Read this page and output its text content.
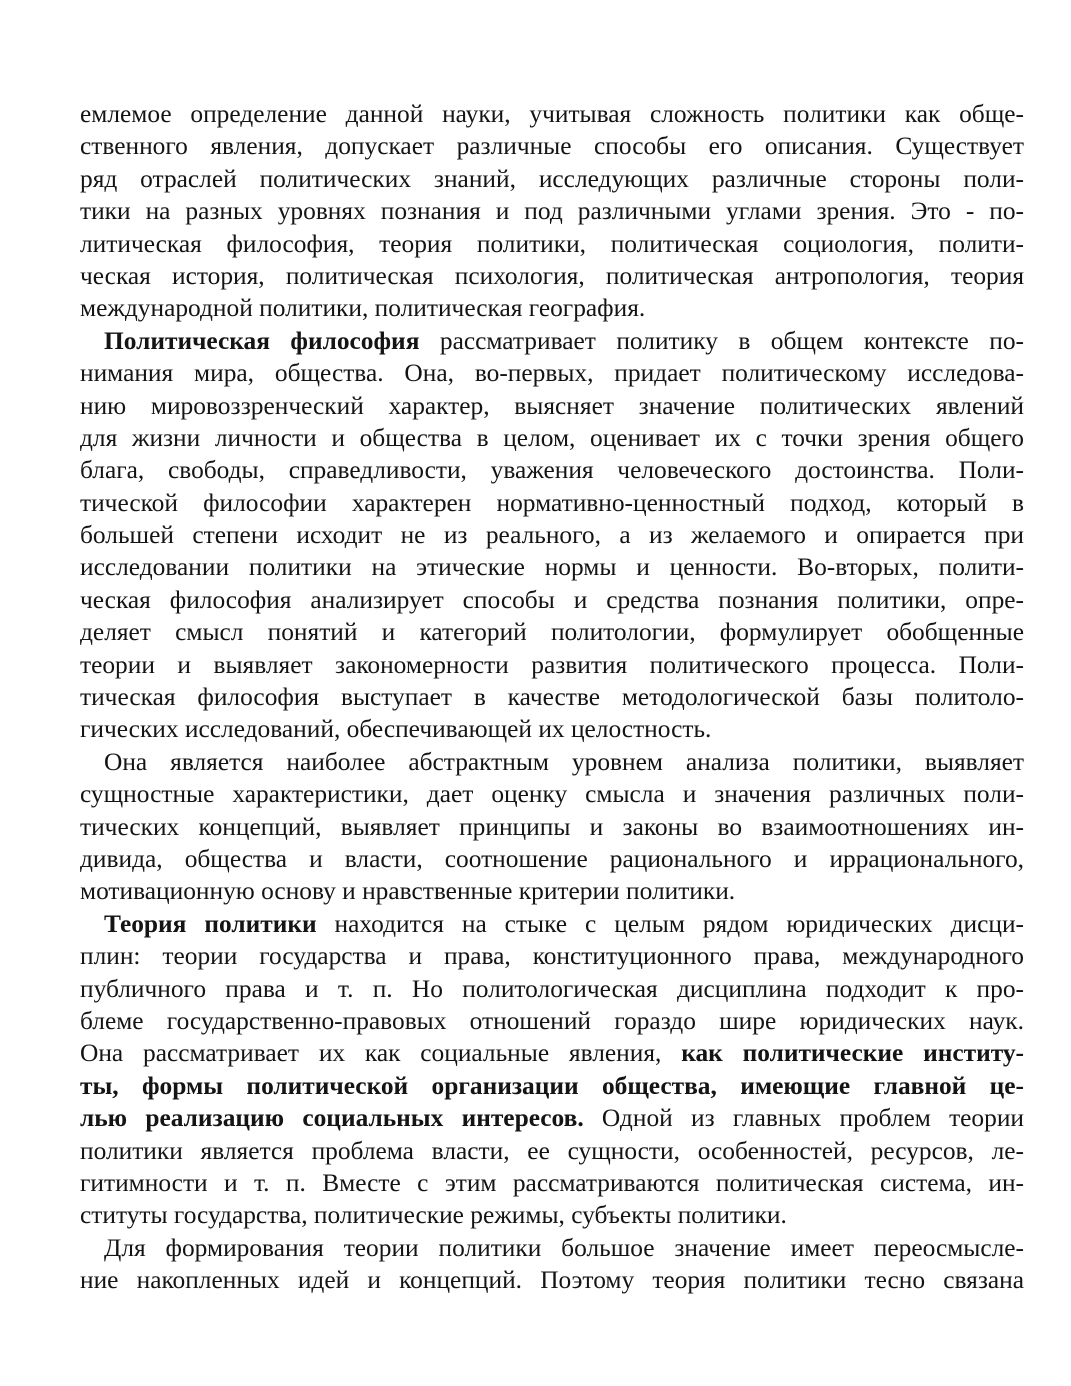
емлемое определение данной науки, учитывая сложность политики как обще-
ственного явления, допускает различные способы его описания. Существует
ряд отраслей политических знаний, исследующих различные стороны поли-
тики на разных уровнях познания и под различными углами зрения. Это - по-
литическая философия, теория политики, политическая социология, полити-
ческая история, политическая психология, политическая антропология, теория
международной политики, политическая география.
Политическая философия рассматривает политику в общем контексте по-
нимания мира, общества. Она, во-первых, придает политическому исследова-
нию мировоззренческий характер, выясняет значение политических явлений
для жизни личности и общества в целом, оценивает их с точки зрения общего
блага, свободы, справедливости, уважения человеческого достоинства. Поли-
тической философии характерен нормативно-ценностный подход, который в
большей степени исходит не из реального, а из желаемого и опирается при
исследовании политики на этические нормы и ценности. Во-вторых, полити-
ческая философия анализирует способы и средства познания политики, опре-
деляет смысл понятий и категорий политологии, формулирует обобщенные
теории и выявляет закономерности развития политического процесса. Поли-
тическая философия выступает в качестве методологической базы политоло-
гических исследований, обеспечивающей их целостность.
Она является наиболее абстрактным уровнем анализа политики, выявляет
сущностные характеристики, дает оценку смысла и значения различных поли-
тических концепций, выявляет принципы и законы во взаимоотношениях ин-
дивида, общества и власти, соотношение рационального и иррационального,
мотивационную основу и нравственные критерии политики.
Теория политики находится на стыке с целым рядом юридических дисци-
плин: теории государства и права, конституционного права, международного
публичного права и т. п. Но политологическая дисциплина подходит к про-
блеме государственно-правовых отношений гораздо шире юридических наук.
Она рассматривает их как социальные явления, как политические институ-
ты, формы политической организации общества, имеющие главной це-
лью реализацию социальных интересов. Одной из главных проблем теории
политики является проблема власти, ее сущности, особенностей, ресурсов, ле-
гитимности и т. п. Вместе с этим рассматриваются политическая система, ин-
ституты государства, политические режимы, субъекты политики.
Для формирования теории политики большое значение имеет переосмысле-
ние накопленных идей и концепций. Поэтому теория политики тесно связана
